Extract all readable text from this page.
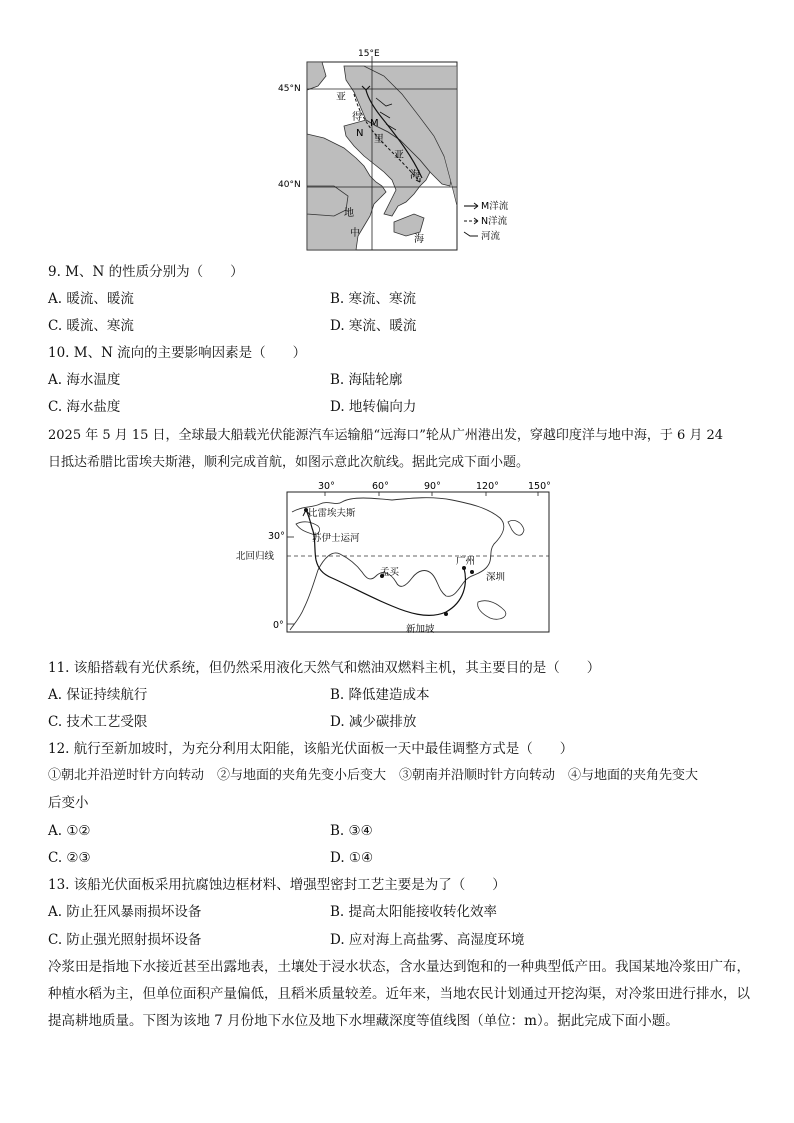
15°E
45°N
40°N
亚
得
M
N
里
亚
海
地
中
海
M洋流
N洋流
河流
9. M、N 的性质分别为（　　）
A. 暖流、暖流	B. 寒流、寒流
C. 暖流、寒流	D. 寒流、暖流
10. M、N 流向的主要影响因素是（　　）
A. 海水温度	B. 海陆轮廓
C. 海水盐度	D. 地转偏向力
2025 年 5 月 15 日，全球最大船载光伏能源汽车运输船“远海口”轮从广州港出发，穿越印度洋与地中海，于 6 月 24
日抵达希腊比雷埃夫斯港，顺利完成首航，如图示意此次航线。据此完成下面小题。
30°	60°	90°	120°	150°
30°
北回归线
0°
比雷埃夫斯
苏伊士运河
广州
孟买	深圳
新加坡
11. 该船搭载有光伏系统，但仍然采用液化天然气和燃油双燃料主机，其主要目的是（　　）
A. 保证持续航行	B. 降低建造成本
C. 技术工艺受限	D. 减少碳排放
12. 航行至新加坡时，为充分利用太阳能，该船光伏面板一天中最佳调整方式是（　　）
①朝北并沿逆时针方向转动　②与地面的夹角先变小后变大　③朝南并沿顺时针方向转动　④与地面的夹角先变大
后变小
A. ①②	B. ③④
C. ②③	D. ①④
13. 该船光伏面板采用抗腐蚀边框材料、增强型密封工艺主要是为了（　　）
A. 防止狂风暴雨损坏设备	B. 提高太阳能接收转化效率
C. 防止强光照射损坏设备	D. 应对海上高盐雾、高湿度环境
冷浆田是指地下水接近甚至出露地表，土壤处于浸水状态，含水量达到饱和的一种典型低产田。我国某地冷浆田广布，种植水稻为主，但单位面积产量偏低，且稻米质量较差。近年来，当地农民计划通过开挖沟渠，对冷浆田进行排水，以提高耕地质量。下图为该地 7 月份地下水位及地下水埋藏深度等值线图（单位：m）。据此完成下面小题。
